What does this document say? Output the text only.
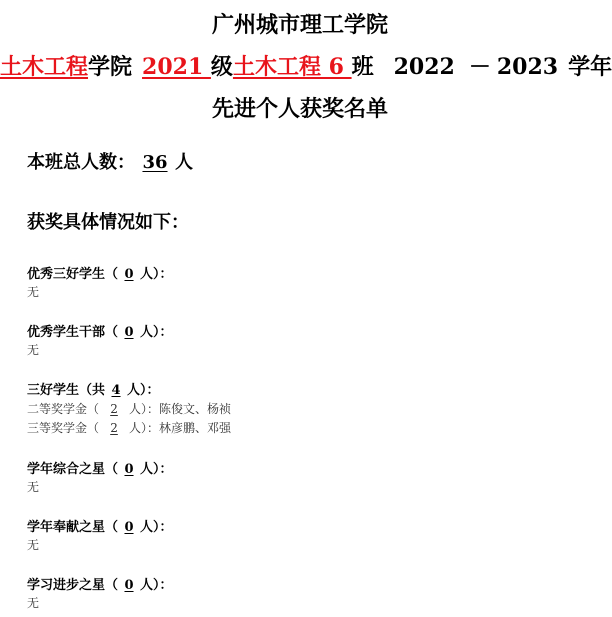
广州城市理工学院
土木工程学院 2021 级土木工程 6 班 2022 － 2023 学年
先进个人获奖名单
本班总人数： 36 人
获奖具体情况如下：
优秀三好学生（ 0 人）：
无
优秀学生干部（ 0 人）：
无
三好学生（共 4 人）：
二等奖学金（ 2 人）：陈俊文、杨祯
三等奖学金（ 2 人）：林彦鹏、邓强
学年综合之星（ 0 人）：
无
学年奉献之星（ 0 人）：
无
学习进步之星（ 0 人）：
无
